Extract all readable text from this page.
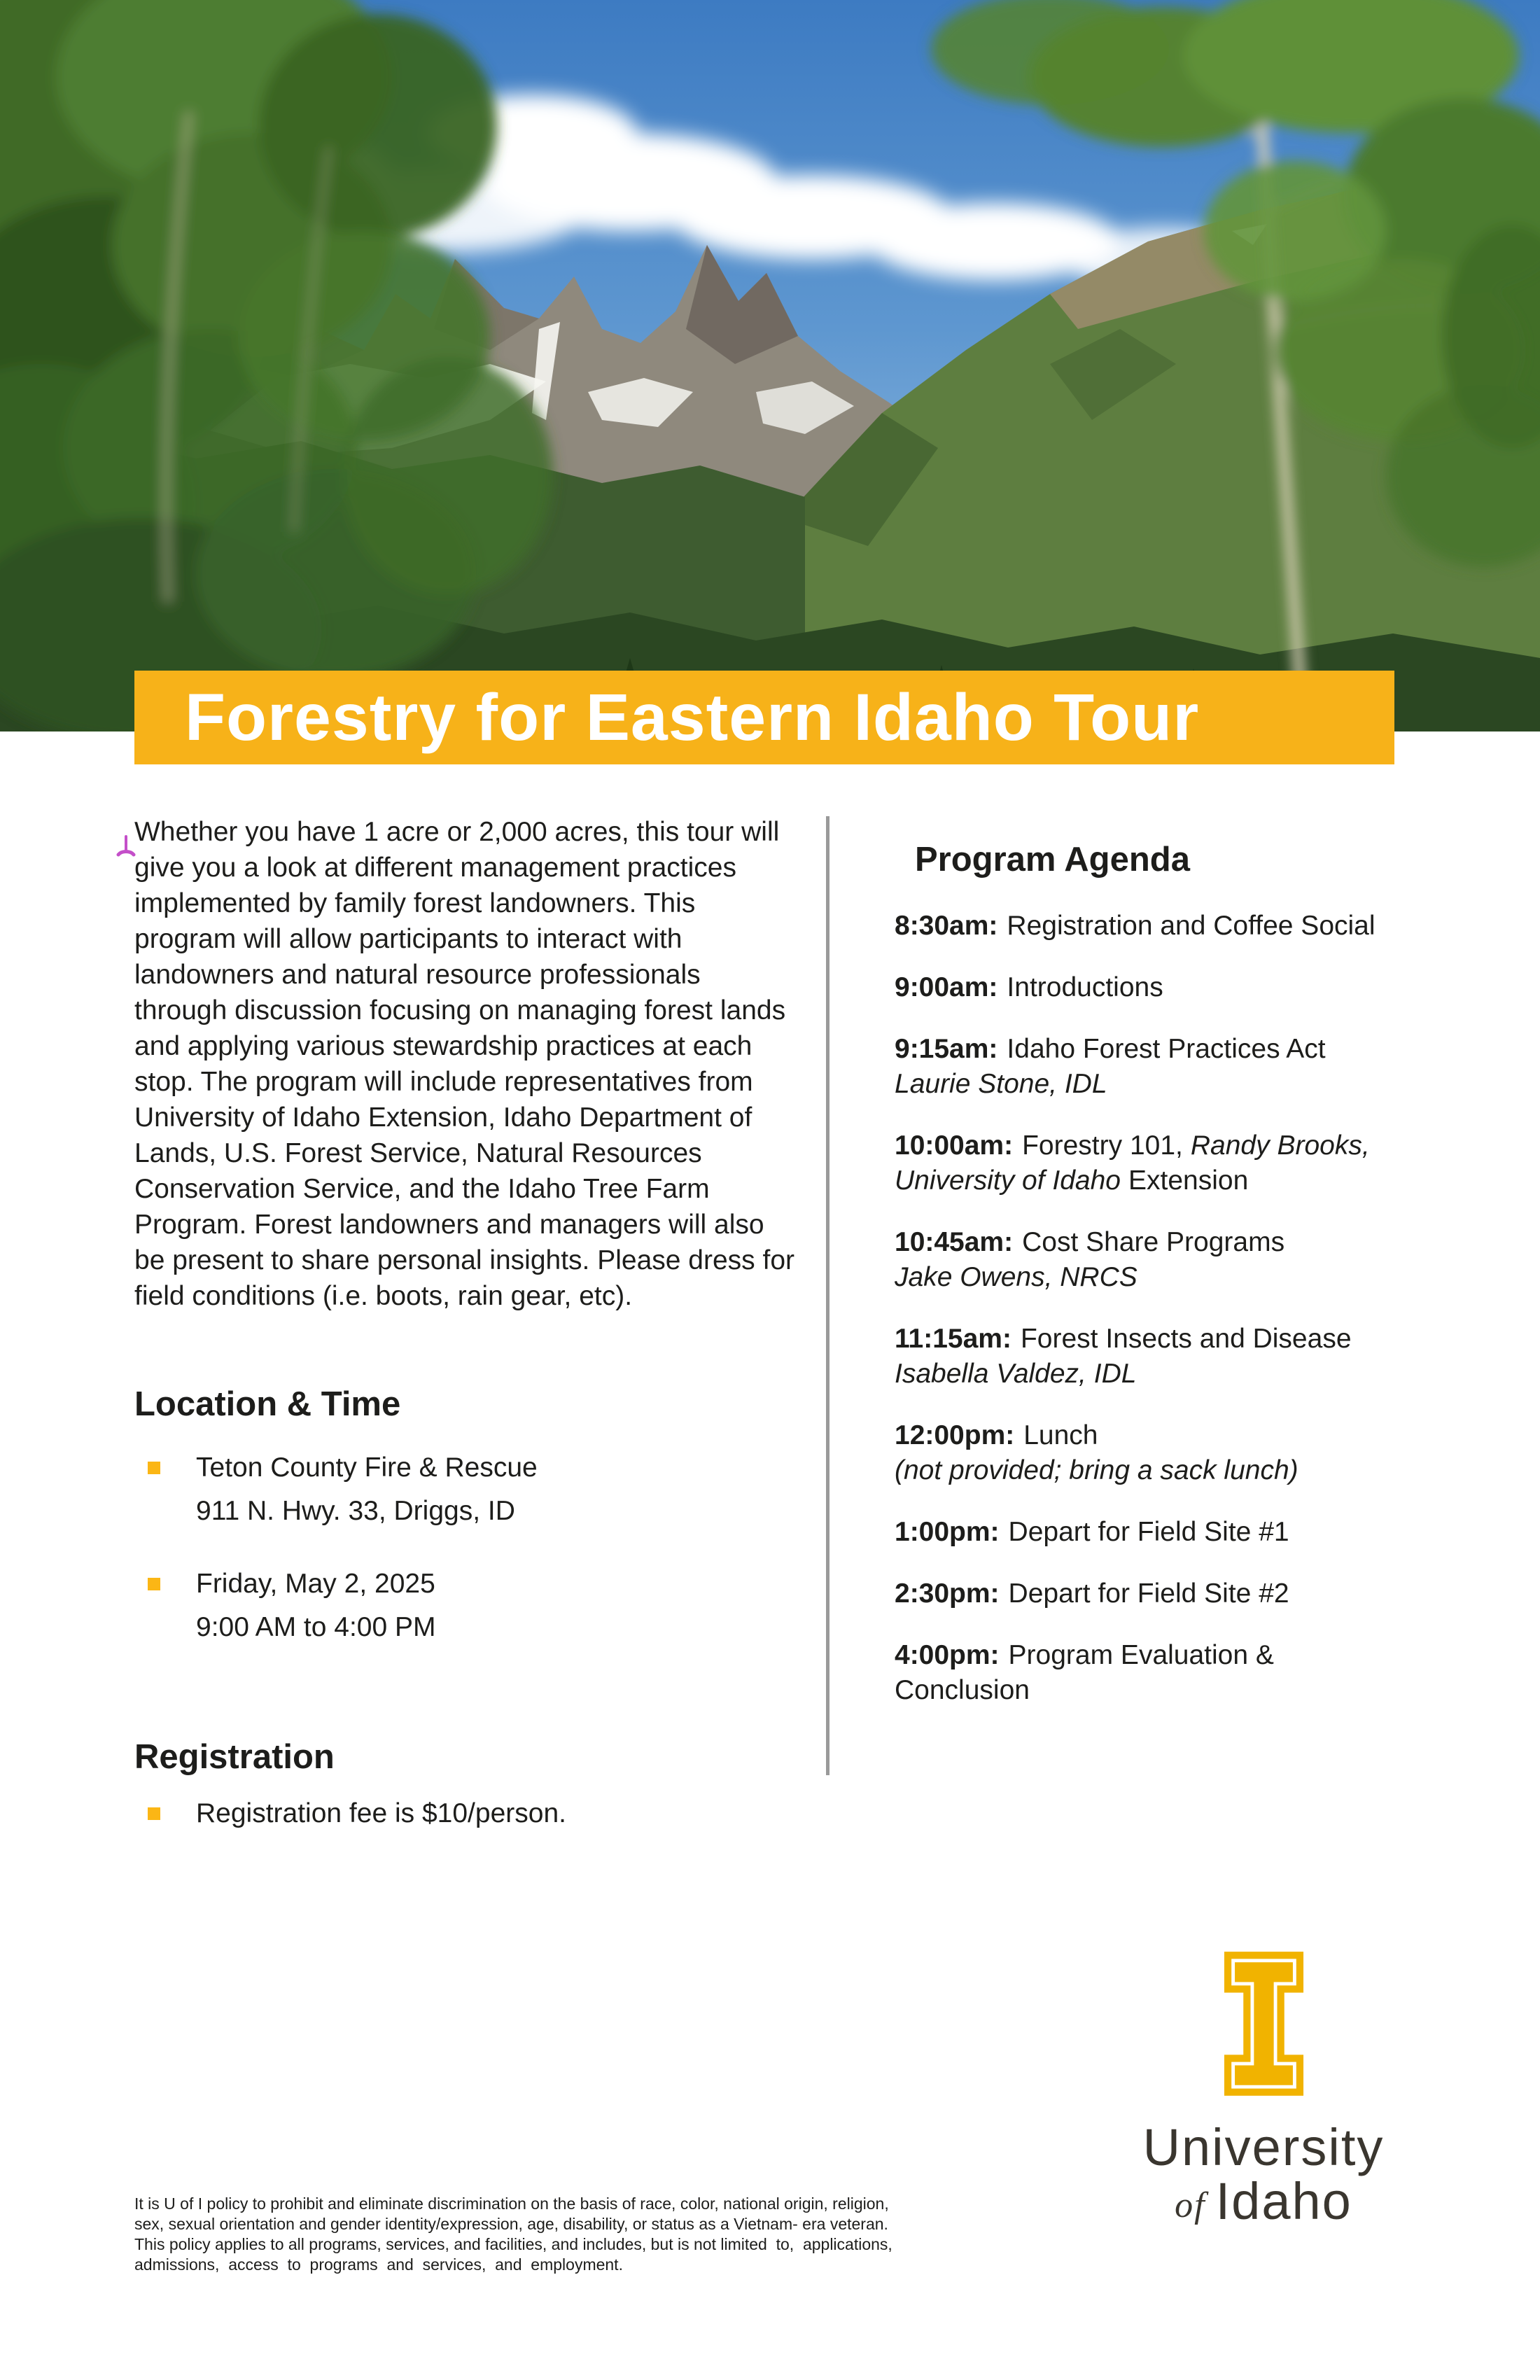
Forestry for Eastern Idaho Tour
Whether you have 1 acre or 2,000 acres, this tour will give you a look at different management practices implemented by family forest landowners. This program will allow participants to interact with landowners and natural resource professionals through discussion focusing on managing forest lands and applying various stewardship practices at each stop. The program will include representatives from University of Idaho Extension, Idaho Department of Lands, U.S. Forest Service, Natural Resources Conservation Service, and the Idaho Tree Farm Program. Forest landowners and managers will also be present to share personal insights. Please dress for field conditions (i.e. boots, rain gear, etc).
Location & Time
Teton County Fire & Rescue
911 N. Hwy. 33, Driggs, ID
Friday, May 2, 2025
9:00 AM to 4:00 PM
Registration
Registration fee is $10/person.
Program Agenda
8:30am: Registration and Coffee Social
9:00am: Introductions
9:15am: Idaho Forest Practices Act
Laurie Stone, IDL
10:00am: Forestry 101, Randy Brooks,
University of Idaho Extension
10:45am: Cost Share Programs
Jake Owens, NRCS
11:15am: Forest Insects and Disease
Isabella Valdez, IDL
12:00pm: Lunch
(not provided; bring a sack lunch)
1:00pm: Depart for Field Site #1
2:30pm: Depart for Field Site #2
4:00pm: Program Evaluation &
Conclusion
It is U of I policy to prohibit and eliminate discrimination on the basis of race, color, national origin, religion,
sex, sexual orientation and gender identity/expression, age, disability, or status as a Vietnam- era veteran.
This policy applies to all programs, services, and facilities, and includes, but is not limited  to,  applications,
admissions,  access  to  programs  and  services,  and  employment.
University
of Idaho
